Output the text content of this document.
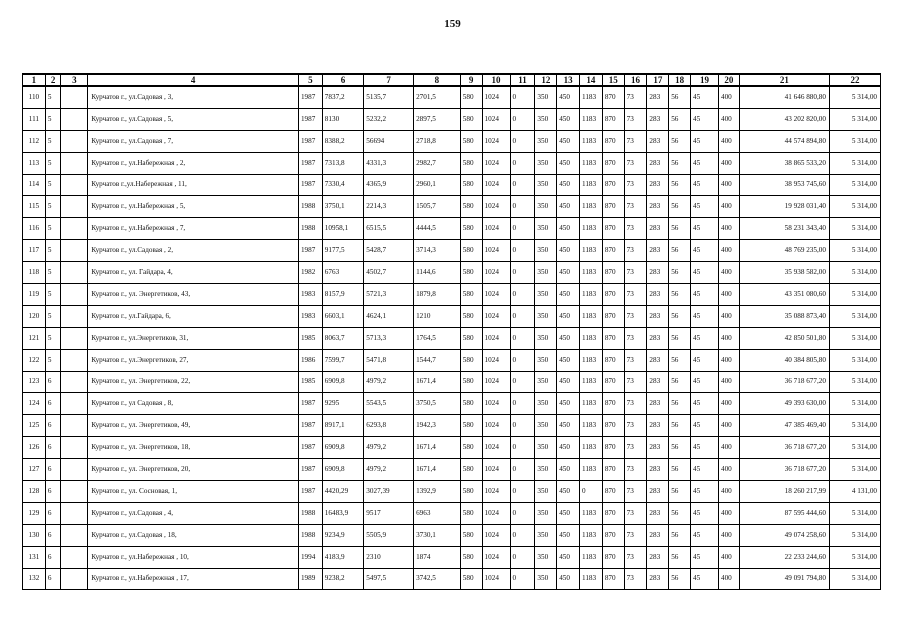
159
1	2	3	4	5	6	7	8	9	10	11	12	13	14	15	16	17	18	19	20	21	22
110	5		Курчатов г., ул.Садовая , 3,	1987	7837,2	5135,7	2701,5	580	1024	0	350	450	1183	870	73	283	56	45	400	41 646 880,80	5 314,00
111	5		Курчатов г., ул.Садовая , 5,	1987	8130	5232,2	2897,5	580	1024	0	350	450	1183	870	73	283	56	45	400	43 202 820,00	5 314,00
112	5		Курчатов г., ул.Садовая , 7,	1987	8388,2	56694	2718,8	580	1024	0	350	450	1183	870	73	283	56	45	400	44 574 894,80	5 314,00
113	5		Курчатов г., ул.Набережная , 2,	1987	7313,8	4331,3	2982,7	580	1024	0	350	450	1183	870	73	283	56	45	400	38 865 533,20	5 314,00
114	5		Курчатов г.,ул.Набережная , 11,	1987	7330,4	4365,9	2960,1	580	1024	0	350	450	1183	870	73	283	56	45	400	38 953 745,60	5 314,00
115	5		Курчатов г., ул.Набережная , 5,	1988	3750,1	2214,3	1505,7	580	1024	0	350	450	1183	870	73	283	56	45	400	19 928 031,40	5 314,00
116	5		Курчатов г., ул.Набережная , 7,	1988	10958,1	6515,5	4444,5	580	1024	0	350	450	1183	870	73	283	56	45	400	58 231 343,40	5 314,00
117	5		Курчатов г., ул.Садовая , 2,	1987	9177,5	5428,7	3714,3	580	1024	0	350	450	1183	870	73	283	56	45	400	48 769 235,00	5 314,00
118	5		Курчатов г., ул. Гайдара, 4,	1982	6763	4502,7	1144,6	580	1024	0	350	450	1183	870	73	283	56	45	400	35 938 582,00	5 314,00
119	5		Курчатов г., ул. Энергетиков, 43,	1983	8157,9	5721,3	1879,8	580	1024	0	350	450	1183	870	73	283	56	45	400	43 351 080,60	5 314,00
120	5		Курчатов г., ул.Гайдара, 6,	1983	6603,1	4624,1	1210	580	1024	0	350	450	1183	870	73	283	56	45	400	35 088 873,40	5 314,00
121	5		Курчатов г., ул.Энергетиков, 31,	1985	8063,7	5713,3	1764,5	580	1024	0	350	450	1183	870	73	283	56	45	400	42 850 501,80	5 314,00
122	5		Курчатов г., ул.Энергетиков, 27,	1986	7599,7	5471,8	1544,7	580	1024	0	350	450	1183	870	73	283	56	45	400	40 384 805,80	5 314,00
123	6		Курчатов г., ул. Энергетиков, 22,	1985	6909,8	4979,2	1671,4	580	1024	0	350	450	1183	870	73	283	56	45	400	36 718 677,20	5 314,00
124	6		Курчатов г., ул Садовая , 8,	1987	9295	5543,5	3750,5	580	1024	0	350	450	1183	870	73	283	56	45	400	49 393 630,00	5 314,00
125	6		Курчатов г., ул. Энергетиков, 49,	1987	8917,1	6293,8	1942,3	580	1024	0	350	450	1183	870	73	283	56	45	400	47 385 469,40	5 314,00
126	6		Курчатов г., ул. Энергетиков, 18,	1987	6909,8	4979,2	1671,4	580	1024	0	350	450	1183	870	73	283	56	45	400	36 718 677,20	5 314,00
127	6		Курчатов г., ул. Энергетиков, 20,	1987	6909,8	4979,2	1671,4	580	1024	0	350	450	1183	870	73	283	56	45	400	36 718 677,20	5 314,00
128	6		Курчатов г., ул. Сосновая, 1,	1987	4420,29	3027,39	1392,9	580	1024	0	350	450	0	870	73	283	56	45	400	18 260 217,99	4 131,00
129	6		Курчатов г., ул.Садовая , 4,	1988	16483,9	9517	6963	580	1024	0	350	450	1183	870	73	283	56	45	400	87 595 444,60	5 314,00
130	6		Курчатов г., ул.Садовая , 18,	1988	9234,9	5505,9	3730,1	580	1024	0	350	450	1183	870	73	283	56	45	400	49 074 258,60	5 314,00
131	6		Курчатов г., ул.Набережная , 10,	1994	4183,9	2310	1874	580	1024	0	350	450	1183	870	73	283	56	45	400	22 233 244,60	5 314,00
132	6		Курчатов г., ул.Набережная , 17,	1989	9238,2	5497,5	3742,5	580	1024	0	350	450	1183	870	73	283	56	45	400	49 091 794,80	5 314,00
